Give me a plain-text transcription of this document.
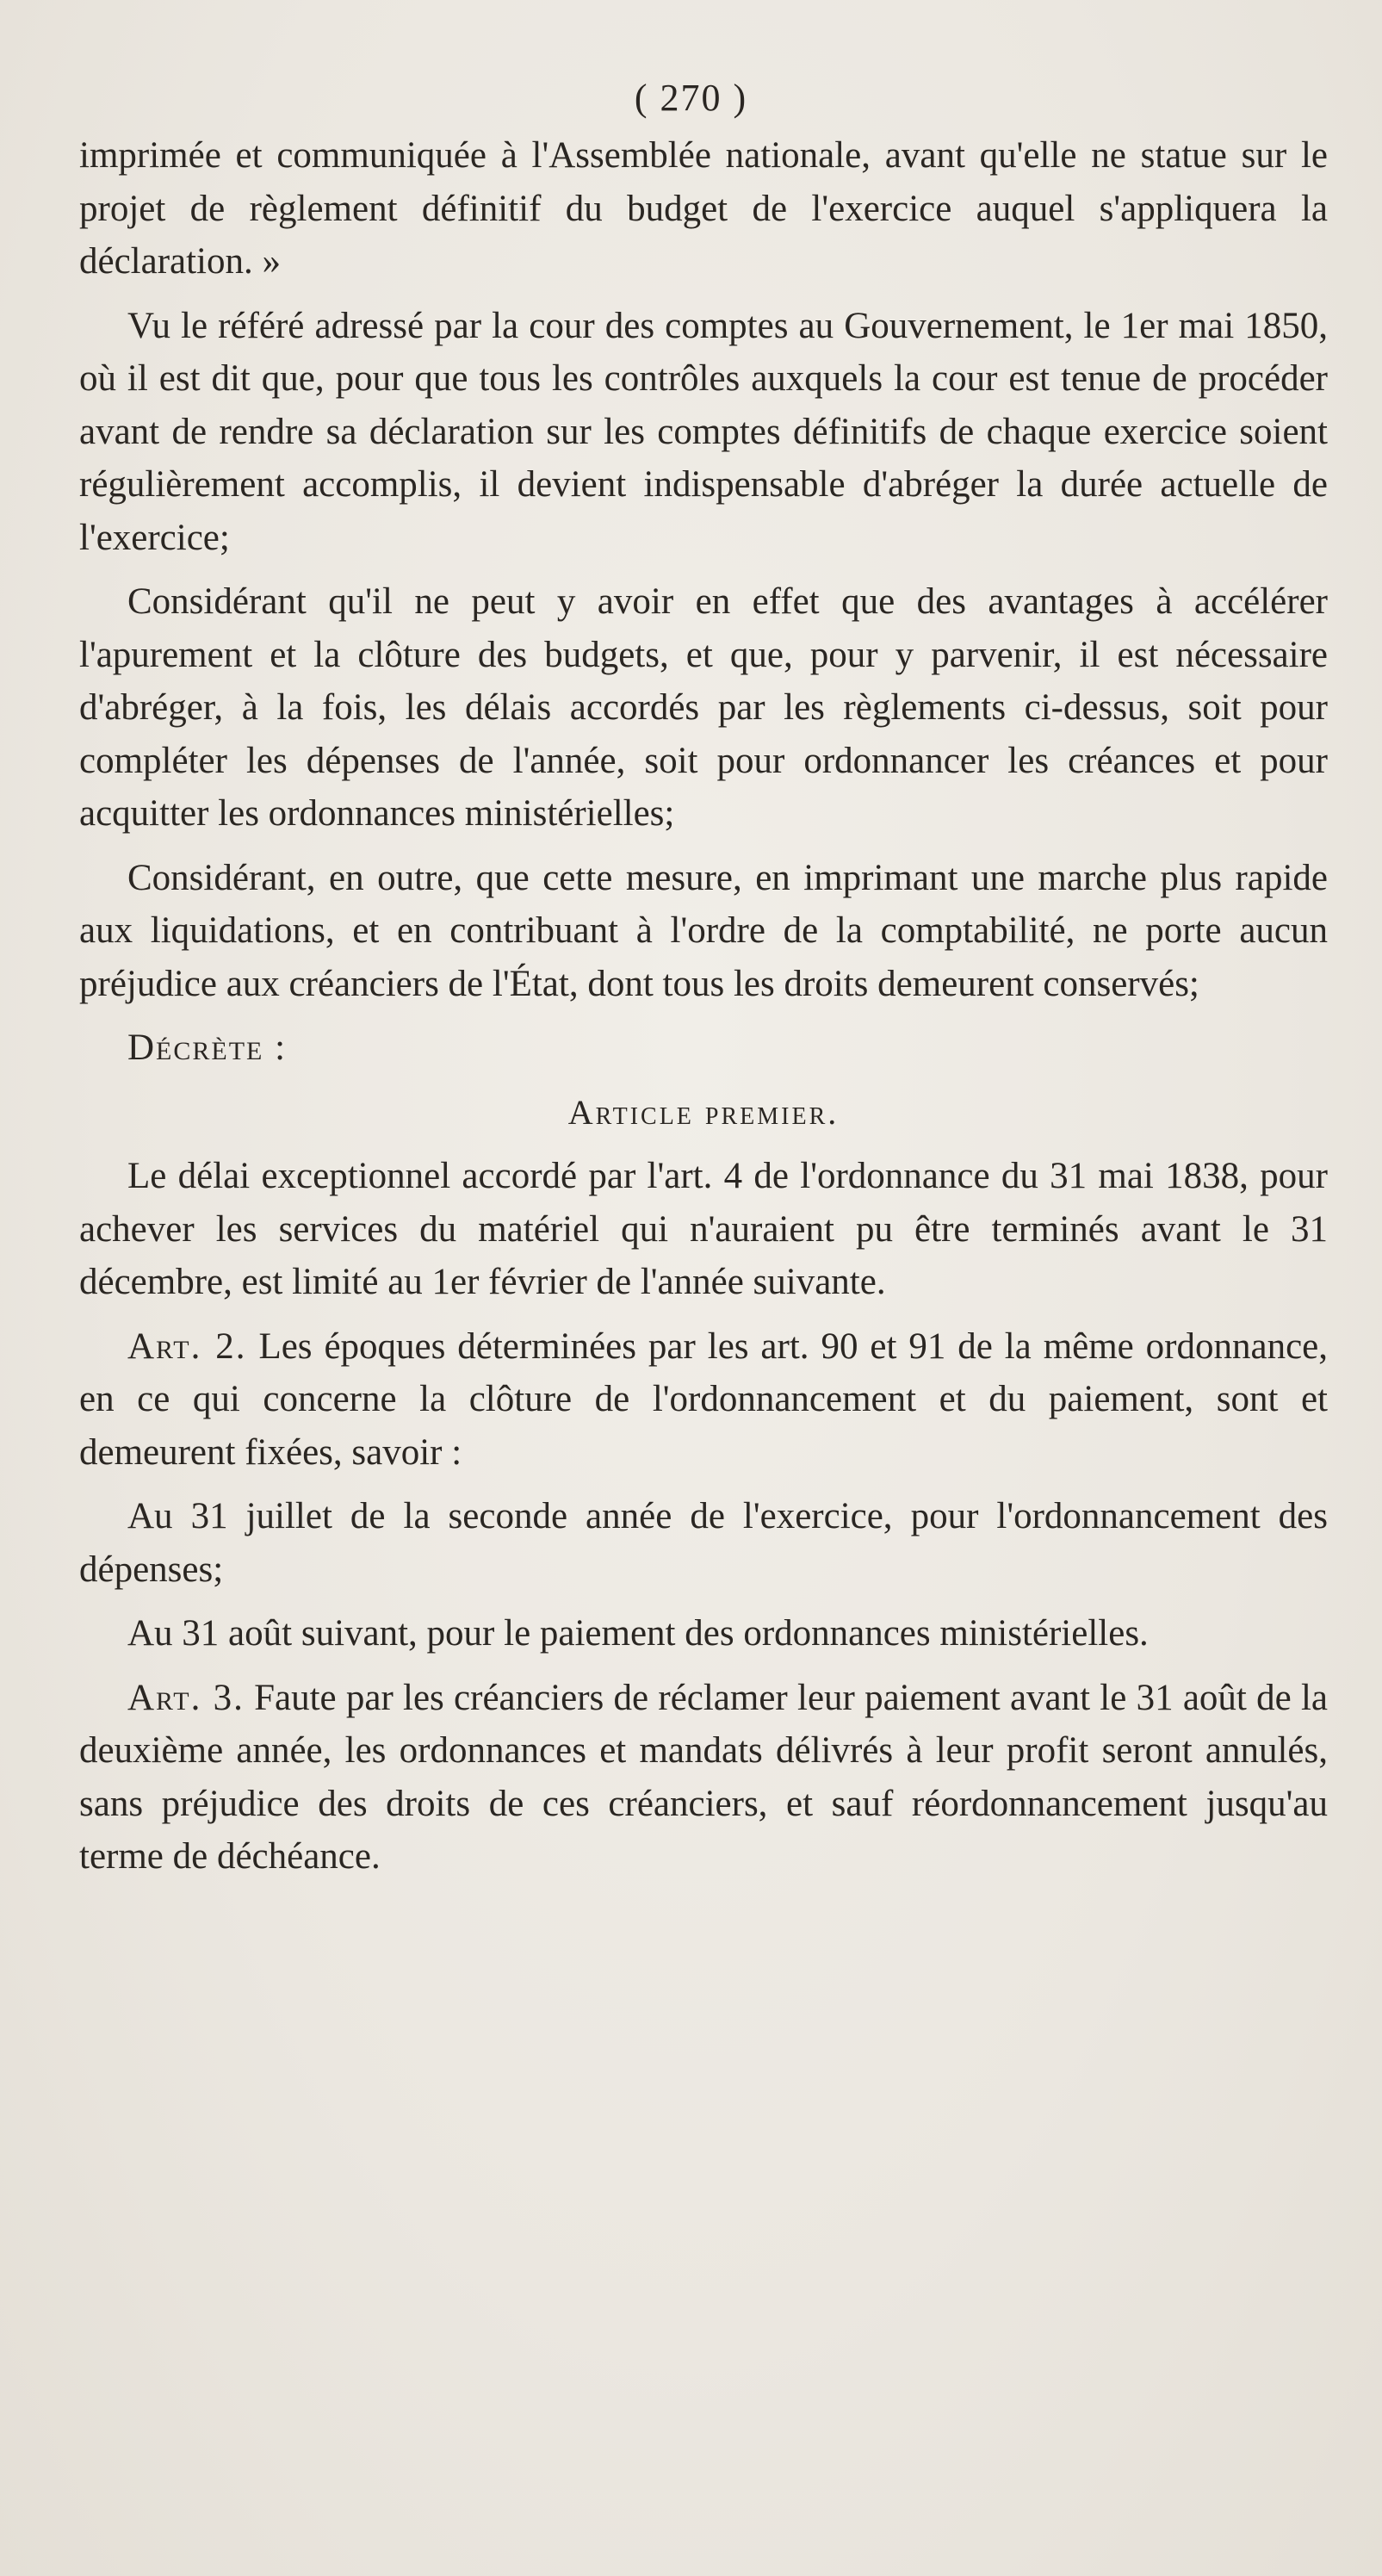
( 270 )

imprimée et communiquée à l'Assemblée nationale, avant qu'elle ne statue sur le projet de règlement définitif du budget de l'exercice auquel s'appliquera la déclaration. »

Vu le référé adressé par la cour des comptes au Gouvernement, le 1er mai 1850, où il est dit que, pour que tous les contrôles auxquels la cour est tenue de procéder avant de rendre sa déclaration sur les comptes définitifs de chaque exercice soient régulièrement accomplis, il devient indispensable d'abréger la durée actuelle de l'exercice;

Considérant qu'il ne peut y avoir en effet que des avantages à accélérer l'apurement et la clôture des budgets, et que, pour y parvenir, il est nécessaire d'abréger, à la fois, les délais accordés par les règlements ci-dessus, soit pour compléter les dépenses de l'année, soit pour ordonnancer les créances et pour acquitter les ordonnances ministérielles;

Considérant, en outre, que cette mesure, en imprimant une marche plus rapide aux liquidations, et en contribuant à l'ordre de la comptabilité, ne porte aucun préjudice aux créanciers de l'État, dont tous les droits demeurent conservés;

Décrète :

Article premier.

Le délai exceptionnel accordé par l'art. 4 de l'ordonnance du 31 mai 1838, pour achever les services du matériel qui n'auraient pu être terminés avant le 31 décembre, est limité au 1er février de l'année suivante.

Art. 2. Les époques déterminées par les art. 90 et 91 de la même ordonnance, en ce qui concerne la clôture de l'ordonnancement et du paiement, sont et demeurent fixées, savoir :

Au 31 juillet de la seconde année de l'exercice, pour l'ordonnancement des dépenses;

Au 31 août suivant, pour le paiement des ordonnances ministérielles.

Art. 3. Faute par les créanciers de réclamer leur paiement avant le 31 août de la deuxième année, les ordonnances et mandats délivrés à leur profit seront annulés, sans préjudice des droits de ces créanciers, et sauf réordonnancement jusqu'au terme de déchéance.
